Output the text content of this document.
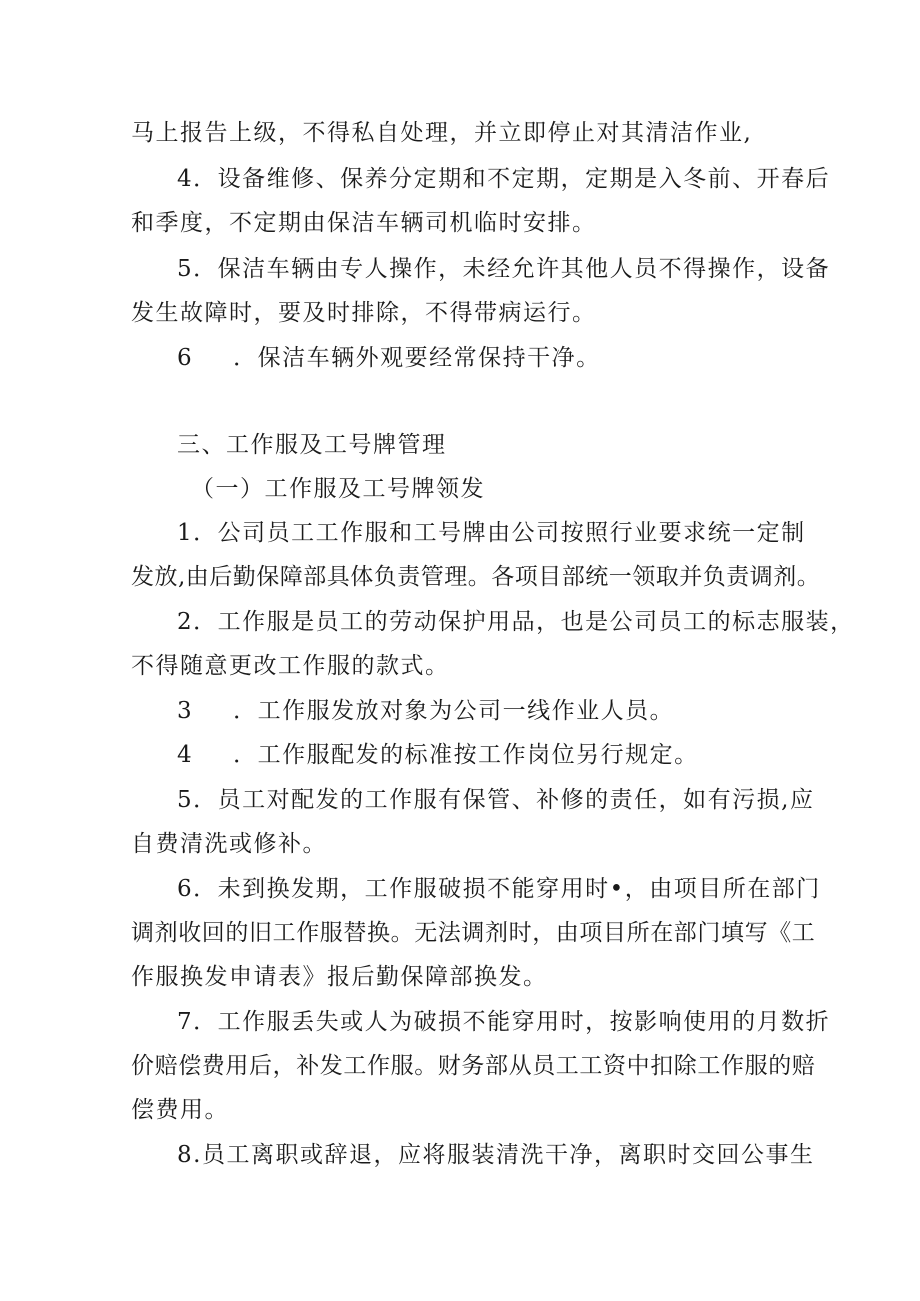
马上报告上级，不得私自处理，并立即停止对其清洁作业,
4．设备维修、保养分定期和不定期，定期是入冬前、开春后
和季度，不定期由保洁车辆司机临时安排。
5．保洁车辆由专人操作，未经允许其他人员不得操作，设备
发生故障时，要及时排除，不得带病运行。
6 ．保洁车辆外观要经常保持干净。
三、工作服及工号牌管理
（一）工作服及工号牌领发
1．公司员工工作服和工号牌由公司按照行业要求统一定制
发放,由后勤保障部具体负责管理。各项目部统一领取并负责调剂。
2．工作服是员工的劳动保护用品，也是公司员工的标志服装，
不得随意更改工作服的款式。
3 ．工作服发放对象为公司一线作业人员。
4 ．工作服配发的标准按工作岗位另行规定。
5．员工对配发的工作服有保管、补修的责任，如有污损,应
自费清洗或修补。
6．未到换发期，工作服破损不能穿用时•，由项目所在部门
调剂收回的旧工作服替换。无法调剂时，由项目所在部门填写《工
作服换发申请表》报后勤保障部换发。
7．工作服丢失或人为破损不能穿用时，按影响使用的月数折
价赔偿费用后，补发工作服。财务部从员工工资中扣除工作服的赔
偿费用。
8.员工离职或辞退，应将服装清洗干净，离职时交回公事生
